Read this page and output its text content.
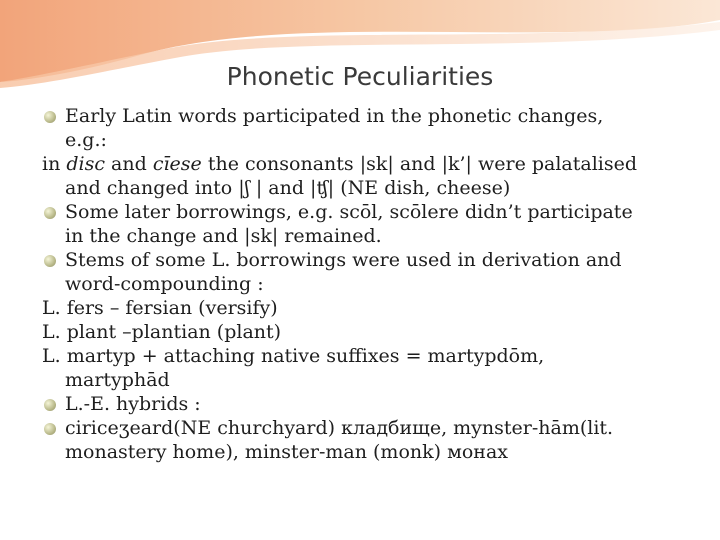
Phonetic Peculiarities
Early Latin words participated in the phonetic changes,
e.g.:
in disc and cīese the consonants |sk| and |k’| were palatalised
and changed into |ʃ | and |ʧ| (NE dish, cheese)
Some later borrowings, e.g. scōl, scōlere didn’t participate
in the change and |sk| remained.
Stems of some L. borrowings were used in derivation and
word-compounding :
L. fers – fersian (versify)
L. plant –plantian (plant)
L. martyp + attaching native suffixes = martypdōm,
martyphād
L.-E. hybrids :
ciriceʒeard(NE churchyard) кладбище, mynster-hām(lit.
monastery home), minster-man (monk) монах
